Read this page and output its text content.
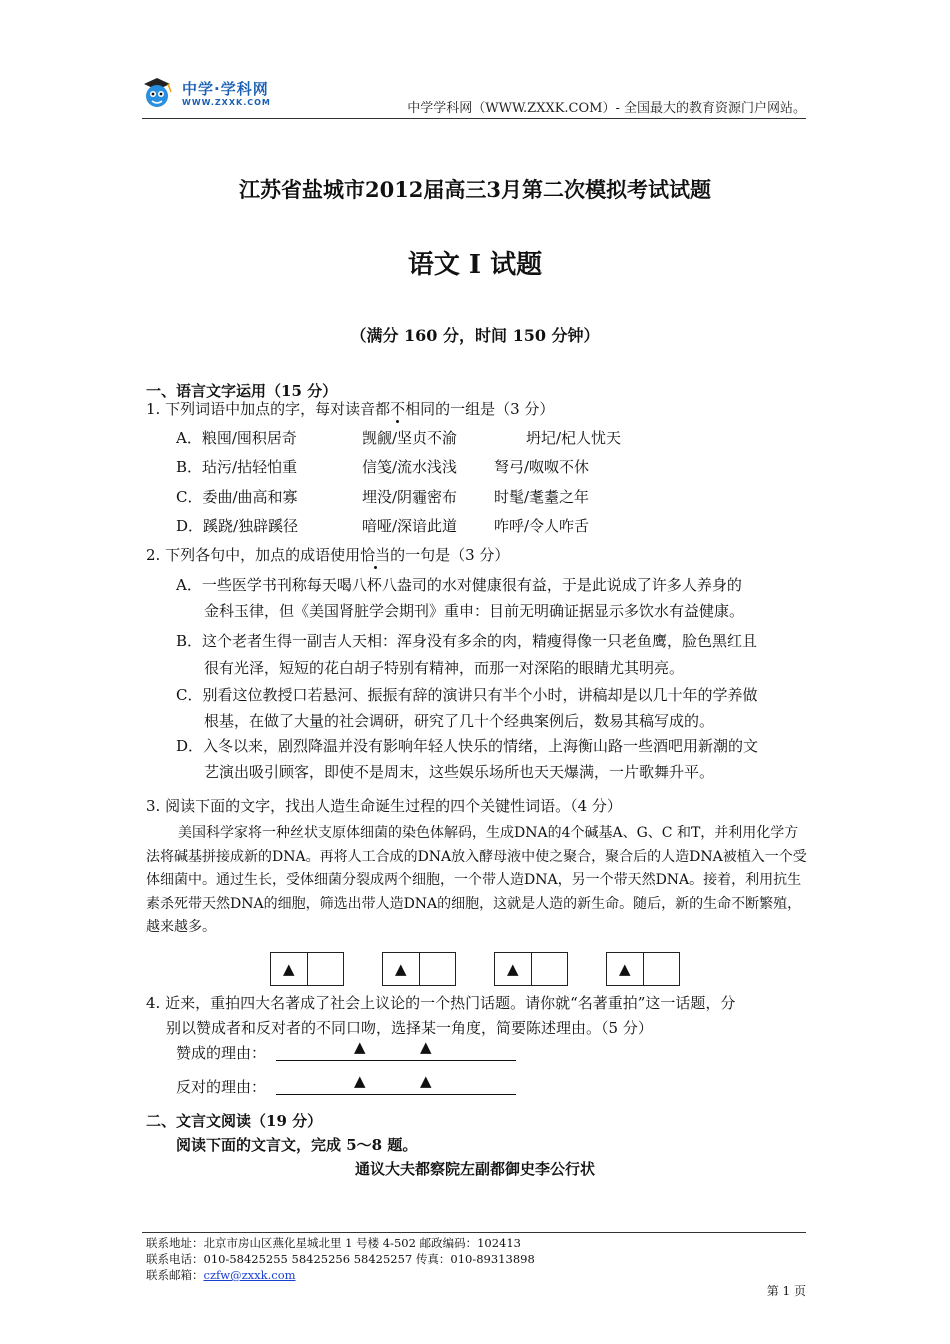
中学·学科网
WWW.ZXXK.COM	中学学科网（WWW.ZXXK.COM）- 全国最大的教育资源门户网站。
江苏省盐城市2012届高三3月第二次模拟考试试题
语文 I 试题
（满分 160 分，时间 150 分钟）
一、语言文字运用（15 分）
1. 下列词语中加点的字，每对读音都不相同的一组是（3 分）
A．粮囤/囤积居奇	觊觎/坚贞不渝	坍圮/杞人忧天
B．玷污/拈轻怕重	信笺/流水浅浅 弩弓/呶呶不休
C．委曲/曲高和寡	埋没/阴霾密布 时髦/耄耋之年
D．蹊跷/独辟蹊径	喑哑/深谙此道 咋呼/令人咋舌
2. 下列各句中，加点的成语使用恰当的一句是（3 分）
A．一些医学书刊称每天喝八杯八盎司的水对健康很有益，于是此说成了许多人养身的
金科玉律，但《美国肾脏学会期刊》重申：目前无明确证据显示多饮水有益健康。
B．这个老者生得一副吉人天相：浑身没有多余的肉，精瘦得像一只老鱼鹰，脸色黑红且
很有光泽，短短的花白胡子特别有精神，而那一对深陷的眼睛尤其明亮。
C．别看这位教授口若悬河、振振有辞的演讲只有半个小时，讲稿却是以几十年的学养做
根基，在做了大量的社会调研，研究了几十个经典案例后，数易其稿写成的。
D．入冬以来，剧烈降温并没有影响年轻人快乐的情绪，上海衡山路一些酒吧用新潮的文
艺演出吸引顾客，即使不是周末，这些娱乐场所也天天爆满，一片歌舞升平。
3. 阅读下面的文字，找出人造生命诞生过程的四个关键性词语。（4 分）
美国科学家将一种丝状支原体细菌的染色体解码，生成DNA的4个碱基A、G、C 和T，并利用化学方法将碱基拼接成新的DNA。再将人工合成的DNA放入酵母液中使之聚合，聚合后的人造DNA被植入一个受体细菌中。通过生长，受体细菌分裂成两个细胞，一个带人造DNA，另一个带天然DNA。接着，利用抗生素杀死带天然DNA的细胞，筛选出带人造DNA的细胞，这就是人造的新生命。随后，新的生命不断繁殖，越来越多。
▲	▲	▲	▲
4. 近来，重拍四大名著成了社会上议论的一个热门话题。请你就“名著重拍”这一话题，分
别以赞成者和反对者的不同口吻，选择某一角度，简要陈述理由。（5 分）
赞成的理由：	▲	▲
反对的理由：	▲	▲
二、文言文阅读（19 分）
阅读下面的文言文，完成 5～8 题。
通议大夫都察院左副都御史李公行状
联系地址：北京市房山区燕化星城北里 1 号楼 4-502 邮政编码：102413
联系电话：010-58425255 58425256 58425257 传真：010-89313898
联系邮箱：czfw@zxxk.com
第 1 页
